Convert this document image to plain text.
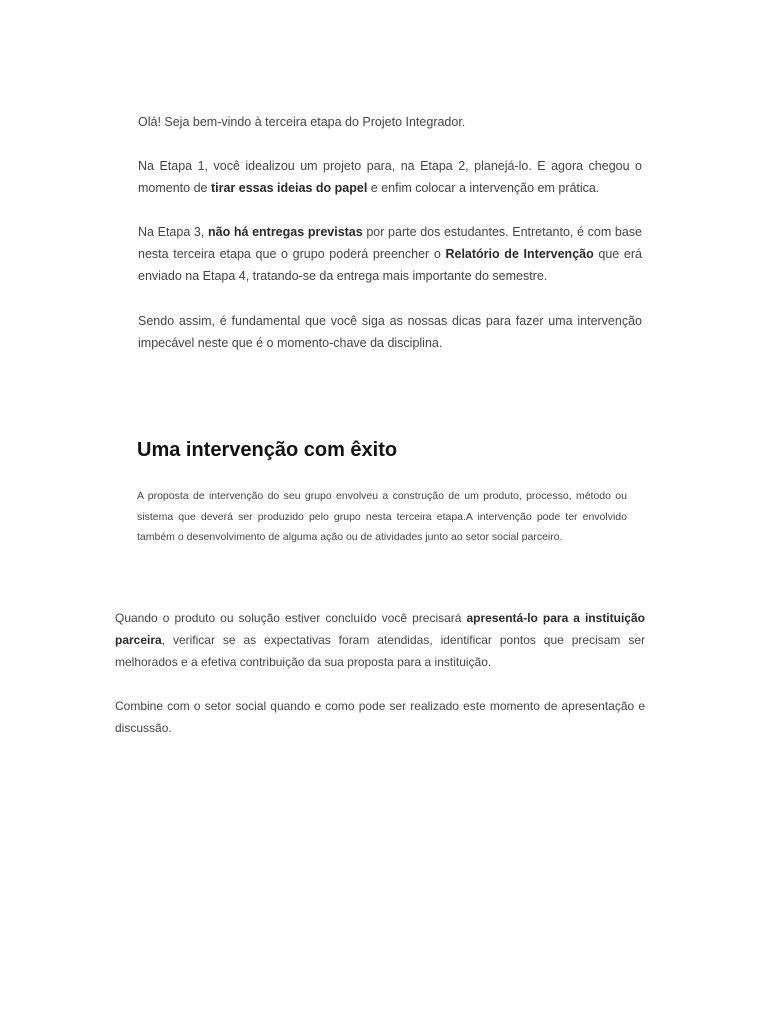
Olá! Seja bem-vindo à terceira etapa do Projeto Integrador.

Na Etapa 1, você idealizou um projeto para, na Etapa 2, planejá-lo. E agora chegou o momento de tirar essas ideias do papel e enfim colocar a intervenção em prática.

Na Etapa 3, não há entregas previstas por parte dos estudantes. Entretanto, é com base nesta terceira etapa que o grupo poderá preencher o Relatório de Intervenção que erá enviado na Etapa 4, tratando-se da entrega mais importante do semestre.

Sendo assim, é fundamental que você siga as nossas dicas para fazer uma intervenção impecável neste que é o momento-chave da disciplina.

Uma intervenção com êxito

A proposta de intervenção do seu grupo envolveu a construção de um produto, processo, método ou sistema que deverá ser produzido pelo grupo nesta terceira etapa.A intervenção pode ter envolvido também o desenvolvimento de alguma ação ou de atividades junto ao setor social parceiro.

Quando o produto ou solução estiver concluído você precisará apresentá-lo para a instituição parceira, verificar se as expectativas foram atendidas, identificar pontos que precisam ser melhorados e a efetiva contribuição da sua proposta para a instituição.

Combine com o setor social quando e como pode ser realizado este momento de apresentação e discussão.
